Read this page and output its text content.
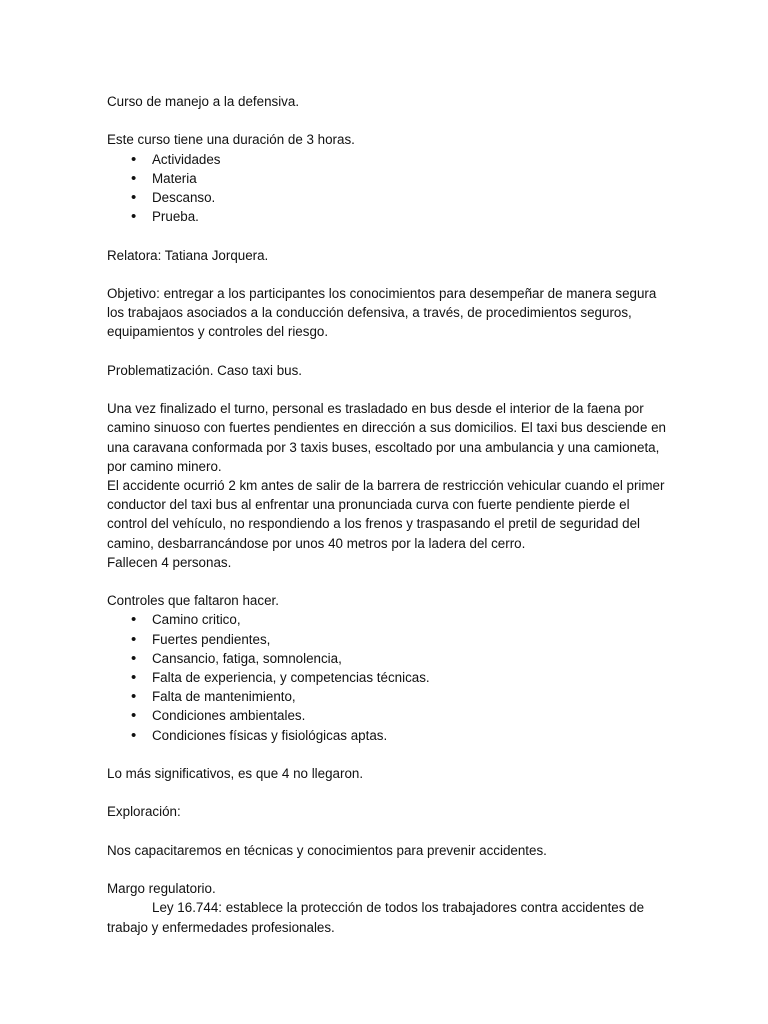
Curso de manejo a la defensiva.

Este curso tiene una duración de 3 horas.

• Actividades
• Materia
• Descanso.
• Prueba.

Relatora: Tatiana Jorquera.

Objetivo: entregar a los participantes los conocimientos para desempeñar de manera segura los trabajaos asociados a la conducción defensiva, a través, de procedimientos seguros, equipamientos y controles del riesgo.

Problematización. Caso taxi bus.

Una vez finalizado el turno, personal es trasladado en bus desde el interior de la faena por camino sinuoso con fuertes pendientes en dirección a sus domicilios. El taxi bus desciende en una caravana conformada por 3 taxis buses, escoltado por una ambulancia y una camioneta, por camino minero.

El accidente ocurrió 2 km antes de salir de la barrera de restricción vehicular cuando el primer conductor del taxi bus al enfrentar una pronunciada curva con fuerte pendiente pierde el control del vehículo, no respondiendo a los frenos y traspasando el pretil de seguridad del camino, desbarrancándose por unos 40 metros por la ladera del cerro.

Fallecen 4 personas.

Controles que faltaron hacer.

• Camino critico,
• Fuertes pendientes,
• Cansancio, fatiga, somnolencia,
• Falta de experiencia, y competencias técnicas.
• Falta de mantenimiento,
• Condiciones ambientales.
• Condiciones físicas y fisiológicas aptas.

Lo más significativos, es que 4 no llegaron.

Exploración:

Nos capacitaremos en técnicas y conocimientos para prevenir accidentes.

Margo regulatorio.

Ley 16.744: establece la protección de todos los trabajadores contra accidentes de trabajo y enfermedades profesionales.
